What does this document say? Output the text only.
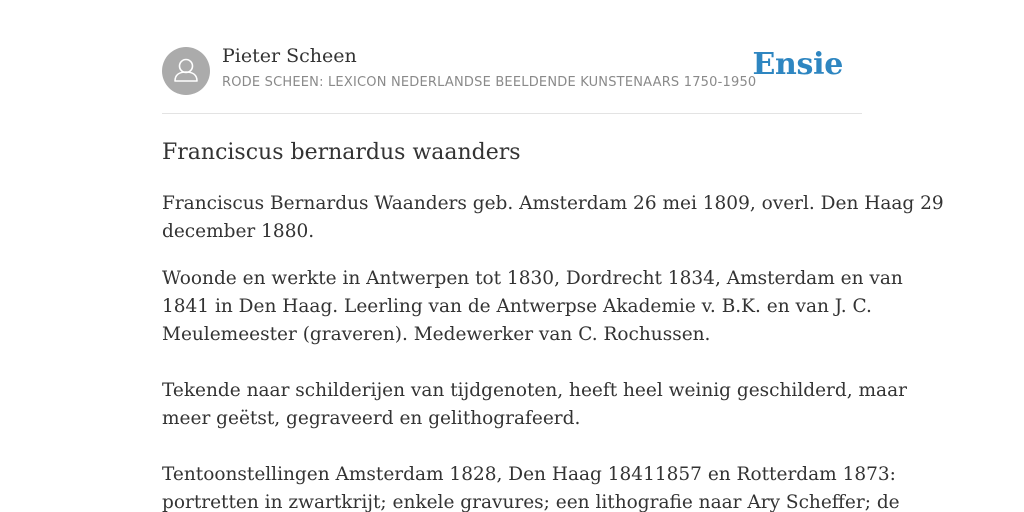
Pieter Scheen
RODE SCHEEN: LEXICON NEDERLANDSE BEELDENDE KUNSTENAARS 1750-1950
Ensie
Franciscus bernardus waanders

Franciscus Bernardus Waanders geb. Amsterdam 26 mei 1809, overl. Den Haag 29
december 1880.

Woonde en werkte in Antwerpen tot 1830, Dordrecht 1834, Amsterdam en van
1841 in Den Haag. Leerling van de Antwerpse Akademie v. B.K. en van J. C.
Meulemeester (graveren). Medewerker van C. Rochussen.

Tekende naar schilderijen van tijdgenoten, heeft heel weinig geschilderd, maar
meer geëtst, gegraveerd en gelithografeerd.

Tentoonstellingen Amsterdam 1828, Den Haag 18411857 en Rotterdam 1873:
portretten in zwartkrijt; enkele gravures; een lithografie naar Ary Scheffer; de
